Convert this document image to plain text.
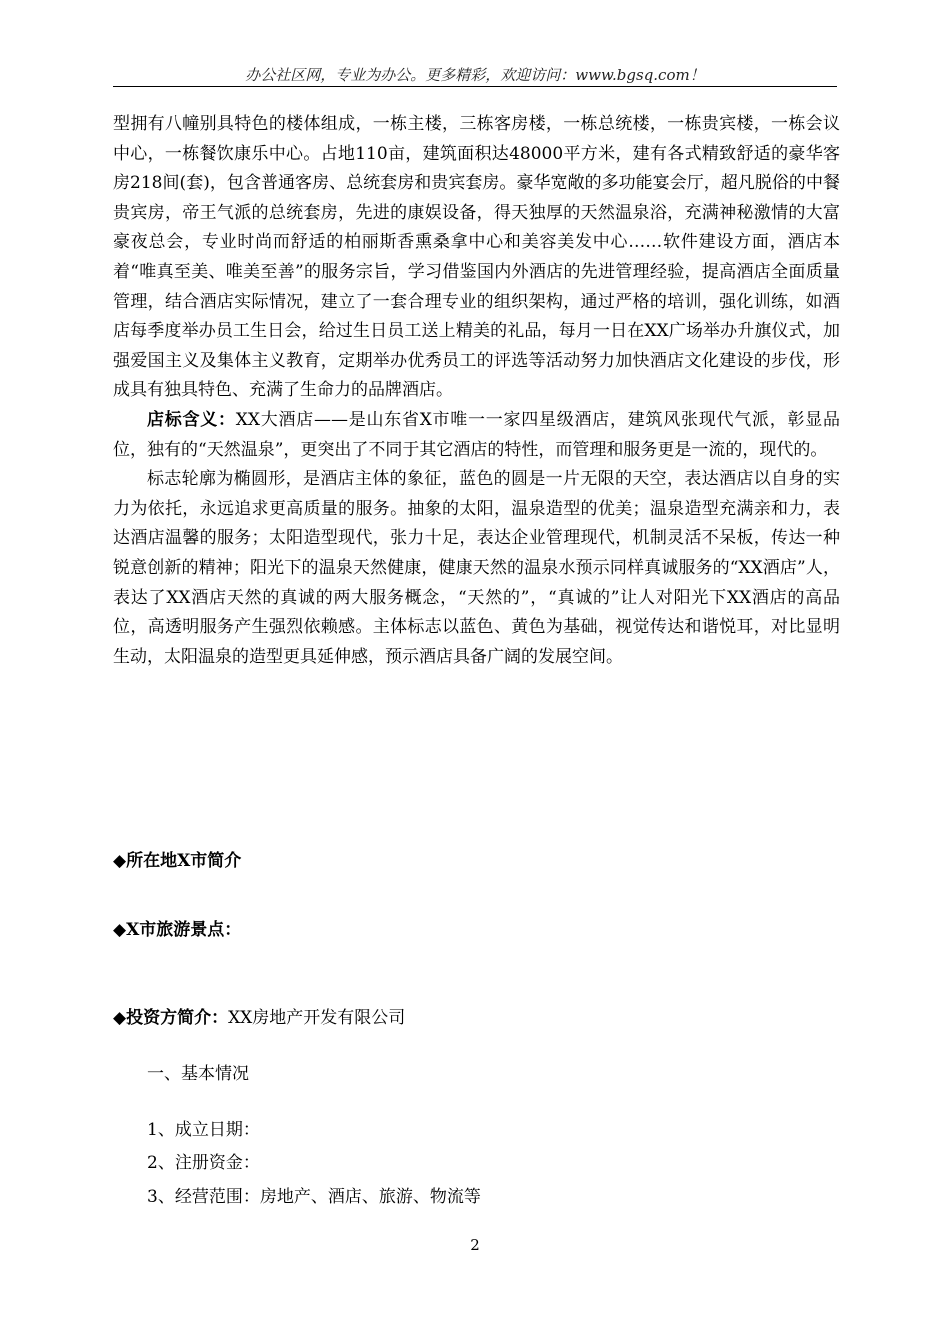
办公社区网，专业为办公。更多精彩，欢迎访问：www.bgsq.com！

型拥有八幢别具特色的楼体组成，一栋主楼，三栋客房楼，一栋总统楼，一栋贵宾楼，一栋会议中心，一栋餐饮康乐中心。占地110亩，建筑面积达48000平方米，建有各式精致舒适的豪华客房218间(套)，包含普通客房、总统套房和贵宾套房。豪华宽敞的多功能宴会厅，超凡脱俗的中餐贵宾房，帝王气派的总统套房，先进的康娱设备，得天独厚的天然温泉浴，充满神秘激情的大富豪夜总会，专业时尚而舒适的柏丽斯香熏桑拿中心和美容美发中心……软件建设方面，酒店本着“唯真至美、唯美至善”的服务宗旨，学习借鉴国内外酒店的先进管理经验，提高酒店全面质量管理，结合酒店实际情况，建立了一套合理专业的组织架构，通过严格的培训，强化训练，如酒店每季度举办员工生日会，给过生日员工送上精美的礼品，每月一日在XX广场举办升旗仪式，加强爱国主义及集体主义教育，定期举办优秀员工的评选等活动努力加快酒店文化建设的步伐，形成具有独具特色、充满了生命力的品牌酒店。

店标含义：XX大酒店——是山东省X市唯一一家四星级酒店，建筑风张现代气派，彰显品位，独有的“天然温泉”，更突出了不同于其它酒店的特性，而管理和服务更是一流的，现代的。

标志轮廓为椭圆形，是酒店主体的象征，蓝色的圆是一片无限的天空，表达酒店以自身的实力为依托，永远追求更高质量的服务。抽象的太阳，温泉造型的优美；温泉造型充满亲和力，表达酒店温馨的服务；太阳造型现代，张力十足，表达企业管理现代，机制灵活不呆板，传达一种锐意创新的精神；阳光下的温泉天然健康，健康天然的温泉水预示同样真诚服务的“XX酒店”人，表达了XX酒店天然的真诚的两大服务概念，“天然的”，“真诚的”让人对阳光下XX酒店的高品位，高透明服务产生强烈依赖感。主体标志以蓝色、黄色为基础，视觉传达和谐悦耳，对比显明生动，太阳温泉的造型更具延伸感，预示酒店具备广阔的发展空间。

◆所在地X市简介
◆X市旅游景点：
◆投资方简介：XX房地产开发有限公司
一、基本情况
1、成立日期：
2、注册资金：
3、经营范围：房地产、酒店、旅游、物流等
2
